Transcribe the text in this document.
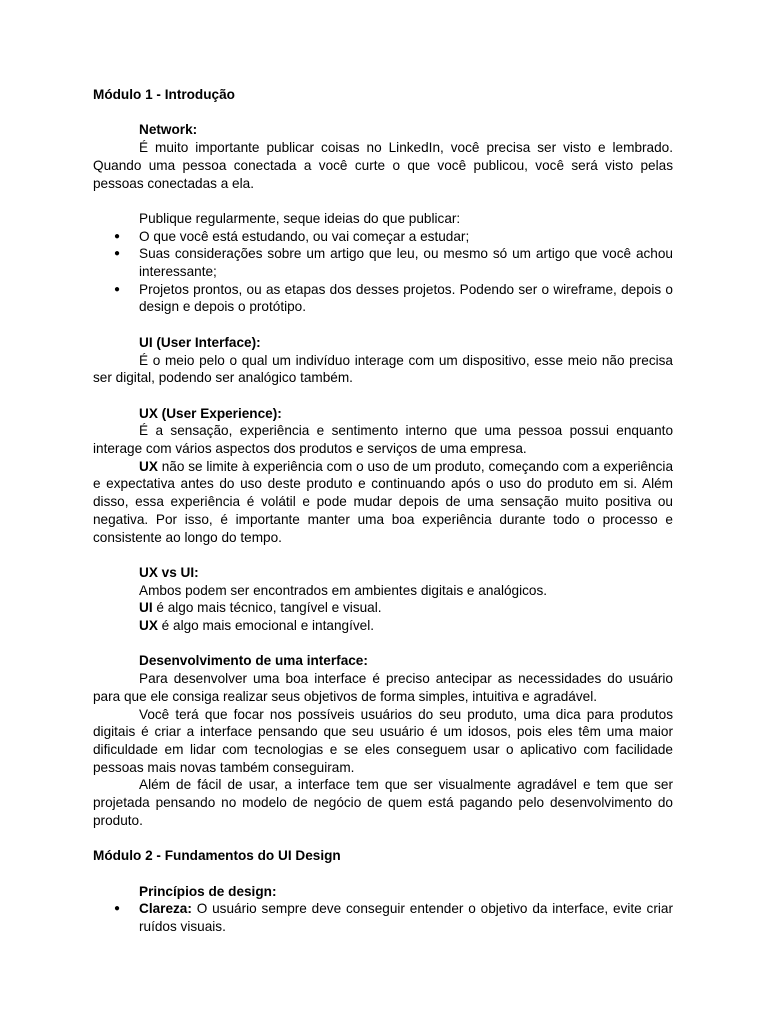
Módulo 1 - Introdução

Network:

É muito importante publicar coisas no LinkedIn, você precisa ser visto e lembrado. Quando uma pessoa conectada a você curte o que você publicou, você será visto pelas pessoas conectadas a ela.

Publique regularmente, seque ideias do que publicar:

● O que você está estudando, ou vai começar a estudar;
● Suas considerações sobre um artigo que leu, ou mesmo só um artigo que você achou interessante;
● Projetos prontos, ou as etapas dos desses projetos. Podendo ser o wireframe, depois o design e depois o protótipo.

UI (User Interface):

É o meio pelo o qual um indivíduo interage com um dispositivo, esse meio não precisa ser digital, podendo ser analógico também.

UX (User Experience):

É a sensação, experiência e sentimento interno que uma pessoa possui enquanto interage com vários aspectos dos produtos e serviços de uma empresa.

UX não se limite à experiência com o uso de um produto, começando com a experiência e expectativa antes do uso deste produto e continuando após o uso do produto em si. Além disso, essa experiência é volátil e pode mudar depois de uma sensação muito positiva ou negativa. Por isso, é importante manter uma boa experiência durante todo o processo e consistente ao longo do tempo.

UX vs UI:

Ambos podem ser encontrados em ambientes digitais e analógicos.

UI é algo mais técnico, tangível e visual.

UX é algo mais emocional e intangível.

Desenvolvimento de uma interface:

Para desenvolver uma boa interface é preciso antecipar as necessidades do usuário para que ele consiga realizar seus objetivos de forma simples, intuitiva e agradável.

Você terá que focar nos possíveis usuários do seu produto, uma dica para produtos digitais é criar a interface pensando que seu usuário é um idosos, pois eles têm uma maior dificuldade em lidar com tecnologias e se eles conseguem usar o aplicativo com facilidade pessoas mais novas também conseguiram.

Além de fácil de usar, a interface tem que ser visualmente agradável e tem que ser projetada pensando no modelo de negócio de quem está pagando pelo desenvolvimento do produto.

Módulo 2 - Fundamentos do UI Design

Princípios de design:

● Clareza: O usuário sempre deve conseguir entender o objetivo da interface, evite criar ruídos visuais.
